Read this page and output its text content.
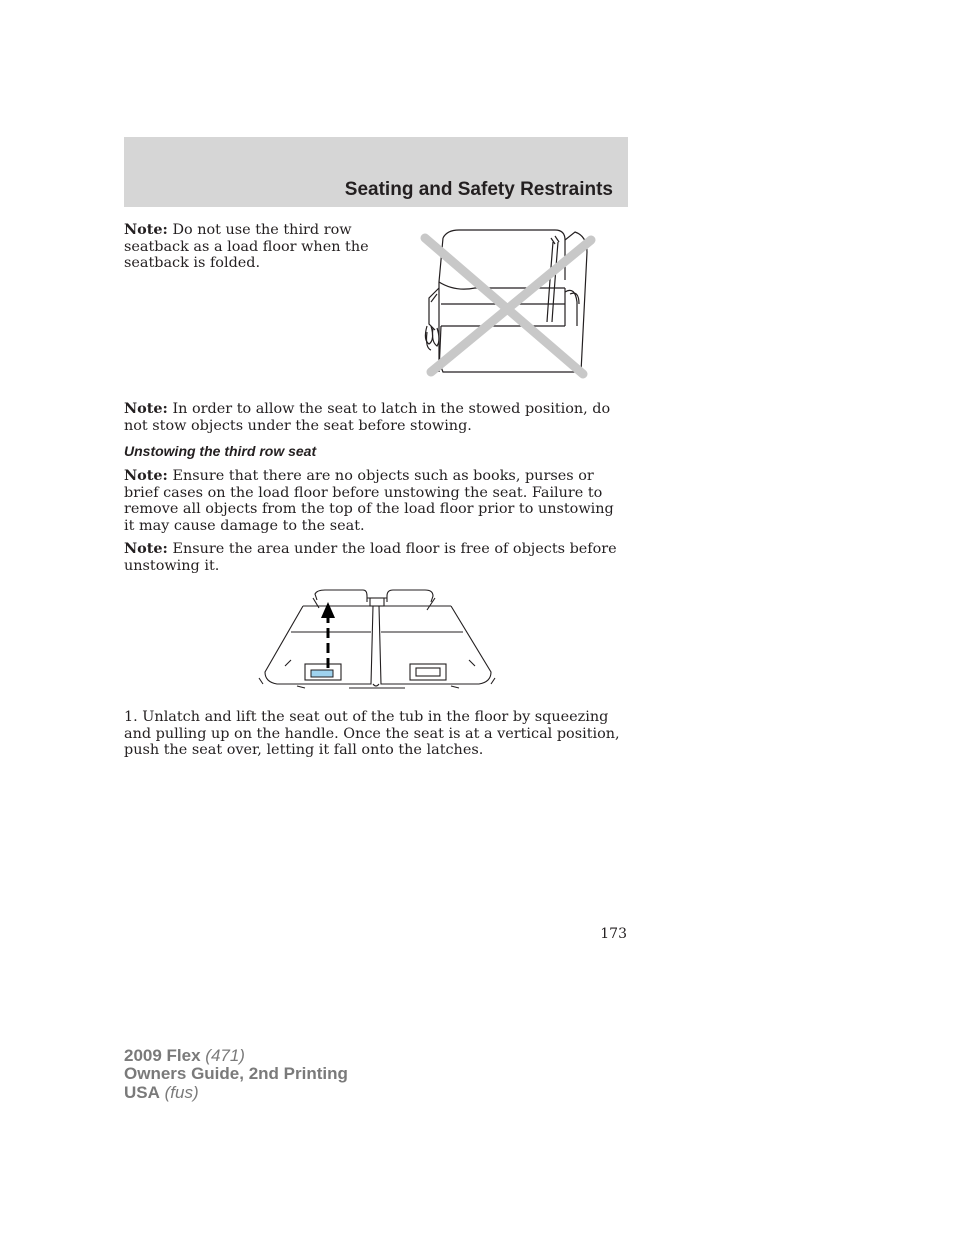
Seating and Safety Restraints

Note: Do not use the third row seatback as a load floor when the seatback is folded.

Note: In order to allow the seat to latch in the stowed position, do not stow objects under the seat before stowing.

Unstowing the third row seat

Note: Ensure that there are no objects such as books, purses or brief cases on the load floor before unstowing the seat. Failure to remove all objects from the top of the load floor prior to unstowing it may cause damage to the seat.

Note: Ensure the area under the load floor is free of objects before unstowing it.

1. Unlatch and lift the seat out of the tub in the floor by squeezing and pulling up on the handle. Once the seat is at a vertical position, push the seat over, letting it fall onto the latches.

173
2009 Flex (471)
Owners Guide, 2nd Printing
USA (fus)
